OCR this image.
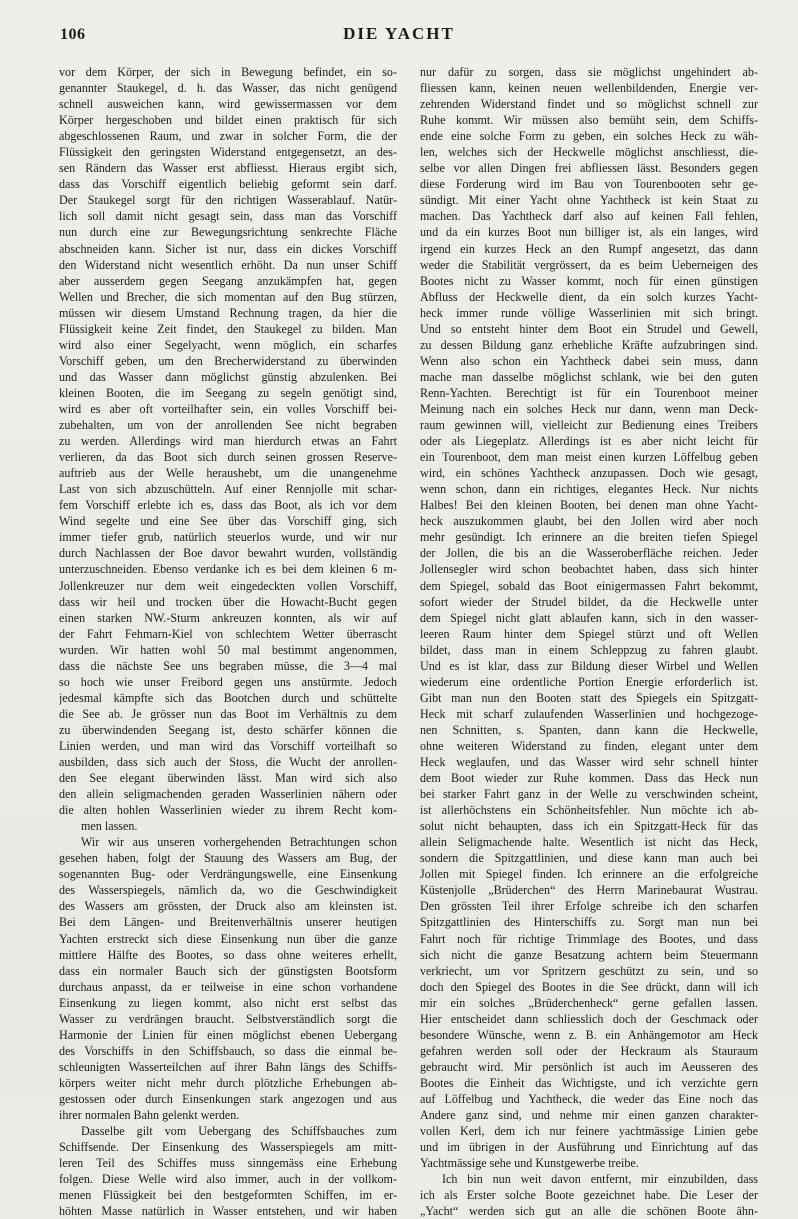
106	DIE YACHT
vor dem Körper, der sich in Bewegung befindet, ein so-
genannter Staukegel, d. h. das Wasser, das nicht genügend
schnell ausweichen kann, wird gewissermassen vor dem
Körper hergeschoben und bildet einen praktisch für sich
abgeschlossenen Raum, und zwar in solcher Form, die der
Flüssigkeit den geringsten Widerstand entgegensetzt, an des-
sen Rändern das Wasser erst abfliesst. Hieraus ergibt sich,
dass das Vorschiff eigentlich beliebig geformt sein darf.
Der Staukegel sorgt für den richtigen Wasserablauf. Natür-
lich soll damit nicht gesagt sein, dass man das Vorschiff
nun durch eine zur Bewegungsrichtung senkrechte Fläche
abschneiden kann. Sicher ist nur, dass ein dickes Vorschiff
den Widerstand nicht wesentlich erhöht. Da nun unser Schiff
aber ausserdem gegen Seegang anzukämpfen hat, gegen
Wellen und Brecher, die sich momentan auf den Bug stürzen,
müssen wir diesem Umstand Rechnung tragen, da hier die
Flüssigkeit keine Zeit findet, den Staukegel zu bilden. Man
wird also einer Segelyacht, wenn möglich, ein scharfes
Vorschiff geben, um den Brecherwiderstand zu überwinden
und das Wasser dann möglichst günstig abzulenken. Bei
kleinen Booten, die im Seegang zu segeln genötigt sind,
wird es aber oft vorteilhafter sein, ein volles Vorschiff bei-
zubehalten, um von der anrollenden See nicht begraben
zu werden. Allerdings wird man hierdurch etwas an Fahrt
verlieren, da das Boot sich durch seinen grossen Reserve-
auftrieb aus der Welle heraushebt, um die unangenehme
Last von sich abzuschütteln. Auf einer Rennjolle mit schar-
fem Vorschiff erlebte ich es, dass das Boot, als ich vor dem
Wind segelte und eine See über das Vorschiff ging, sich
immer tiefer grub, natürlich steuerlos wurde, und wir nur
durch Nachlassen der Boe davor bewahrt wurden, vollständig
unterzuschneiden. Ebenso verdanke ich es bei dem kleinen 6 m-
Jollenkreuzer nur dem weit eingedeckten vollen Vorschiff,
dass wir heil und trocken über die Howacht-Bucht gegen
einen starken NW.-Sturm ankreuzen konnten, als wir auf
der Fahrt Fehmarn-Kiel von schlechtem Wetter überrascht
wurden. Wir hatten wohl 50 mal bestimmt angenommen,
dass die nächste See uns begraben müsse, die 3—4 mal
so hoch wie unser Freibord gegen uns anstürmte. Jedoch
jedesmal kämpfte sich das Bootchen durch und schüttelte
die See ab. Je grösser nun das Boot im Verhältnis zu dem
zu überwindenden Seegang ist, desto schärfer können die
Linien werden, und man wird das Vorschiff vorteilhaft so
ausbilden, dass sich auch der Stoss, die Wucht der anrollen-
den See elegant überwinden lässt. Man wird sich also
den allein seligmachenden geraden Wasserlinien nähern oder
die alten hohlen Wasserlinien wieder zu ihrem Recht kom-
men lassen.
Wir wir aus unseren vorhergehenden Betrachtungen schon
gesehen haben, folgt der Stauung des Wassers am Bug, der
sogenannten Bug- oder Verdrängungswelle, eine Einsenkung
des Wasserspiegels, nämlich da, wo die Geschwindigkeit
des Wassers am grössten, der Druck also am kleinsten ist.
Bei dem Längen- und Breitenverhältnis unserer heutigen
Yachten erstreckt sich diese Einsenkung nun über die ganze
mittlere Hälfte des Bootes, so dass ohne weiteres erhellt,
dass ein normaler Bauch sich der günstigsten Bootsform
durchaus anpasst, da er teilweise in eine schon vorhandene
Einsenkung zu liegen kommt, also nicht erst selbst das
Wasser zu verdrängen braucht. Selbstverständlich sorgt die
Harmonie der Linien für einen möglichst ebenen Uebergang
des Vorschiffs in den Schiffsbauch, so dass die einmal be-
schleunigten Wasserteilchen auf ihrer Bahn längs des Schiffs-
körpers weiter nicht mehr durch plötzliche Erhebungen ab-
gestossen oder durch Einsenkungen stark angezogen und aus
ihrer normalen Bahn gelenkt werden.
Dasselbe gilt vom Uebergang des Schiffsbauches zum
Schiffsende. Der Einsenkung des Wasserspiegels am mitt-
leren Teil des Schiffes muss sinngemäss eine Erhebung
folgen. Diese Welle wird also immer, auch in der vollkom-
menen Flüssigkeit bei den bestgeformten Schiffen, im er-
höhten Masse natürlich in Wasser entstehen, und wir haben
nur dafür zu sorgen, dass sie möglichst ungehindert ab-
fliessen kann, keinen neuen wellenbildenden, Energie ver-
zehrenden Widerstand findet und so möglichst schnell zur
Ruhe kommt. Wir müssen also bemüht sein, dem Schiffs-
ende eine solche Form zu geben, ein solches Heck zu wäh-
len, welches sich der Heckwelle möglichst anschliesst, die-
selbe vor allen Dingen frei abfliessen lässt. Besonders gegen
diese Forderung wird im Bau von Tourenbooten sehr ge-
sündigt. Mit einer Yacht ohne Yachtheck ist kein Staat zu
machen. Das Yachtheck darf also auf keinen Fall fehlen,
und da ein kurzes Boot nun billiger ist, als ein langes, wird
irgend ein kurzes Heck an den Rumpf angesetzt, das dann
weder die Stabilität vergrössert, da es beim Ueberneigen des
Bootes nicht zu Wasser kommt, noch für einen günstigen
Abfluss der Heckwelle dient, da ein solch kurzes Yacht-
heck immer runde völlige Wasserlinien mit sich bringt.
Und so entsteht hinter dem Boot ein Strudel und Gewell,
zu dessen Bildung ganz erhebliche Kräfte aufzubringen sind.
Wenn also schon ein Yachtheck dabei sein muss, dann
mache man dasselbe möglichst schlank, wie bei den guten
Renn-Yachten. Berechtigt ist für ein Tourenboot meiner
Meinung nach ein solches Heck nur dann, wenn man Deck-
raum gewinnen will, vielleicht zur Bedienung eines Treibers
oder als Liegeplatz. Allerdings ist es aber nicht leicht für
ein Tourenboot, dem man meist einen kurzen Löffelbug geben
wird, ein schönes Yachtheck anzupassen. Doch wie gesagt,
wenn schon, dann ein richtiges, elegantes Heck. Nur nichts
Halbes! Bei den kleinen Booten, bei denen man ohne Yacht-
heck auszukommen glaubt, bei den Jollen wird aber noch
mehr gesündigt. Ich erinnere an die breiten tiefen Spiegel
der Jollen, die bis an die Wasseroberfläche reichen. Jeder
Jollensegler wird schon beobachtet haben, dass sich hinter
dem Spiegel, sobald das Boot einigermassen Fahrt bekommt,
sofort wieder der Strudel bildet, da die Heckwelle unter
dem Spiegel nicht glatt ablaufen kann, sich in den wasser-
leeren Raum hinter dem Spiegel stürzt und oft Wellen
bildet, dass man in einem Schleppzug zu fahren glaubt.
Und es ist klar, dass zur Bildung dieser Wirbel und Wellen
wiederum eine ordentliche Portion Energie erforderlich ist.
Gibt man nun den Booten statt des Spiegels ein Spitzgatt-
Heck mit scharf zulaufenden Wasserlinien und hochgezoge-
nen Schnitten, s. Spanten, dann kann die Heckwelle,
ohne weiteren Widerstand zu finden, elegant unter dem
Heck weglaufen, und das Wasser wird sehr schnell hinter
dem Boot wieder zur Ruhe kommen. Dass das Heck nun
bei starker Fahrt ganz in der Welle zu verschwinden scheint,
ist allerhöchstens ein Schönheitsfehler. Nun möchte ich ab-
solut nicht behaupten, dass ich ein Spitzgatt-Heck für das
allein Seligmachende halte. Wesentlich ist nicht das Heck,
sondern die Spitzgattlinien, und diese kann man auch bei
Jollen mit Spiegel finden. Ich erinnere an die erfolgreiche
Küstenjolle „Brüderchen“ des Herrn Marinebaurat Wustrau.
Den grössten Teil ihrer Erfolge schreibe ich den scharfen
Spitzgattlinien des Hinterschiffs zu. Sorgt man nun bei
Fahrt noch für richtige Trimmlage des Bootes, und dass
sich nicht die ganze Besatzung achtern beim Steuermann
verkriecht, um vor Spritzern geschützt zu sein, und so
doch den Spiegel des Bootes in die See drückt, dann will ich
mir ein solches „Brüderchenheck“ gerne gefallen lassen.
Hier entscheidet dann schliesslich doch der Geschmack oder
besondere Wünsche, wenn z. B. ein Anhängemotor am Heck
gefahren werden soll oder der Heckraum als Stauraum
gebraucht wird. Mir persönlich ist auch im Aeusseren des
Bootes die Einheit das Wichtigste, und ich verzichte gern
auf Löffelbug und Yachtheck, die weder das Eine noch das
Andere ganz sind, und nehme mir einen ganzen charakter-
vollen Kerl, dem ich nur feinere yachtmässige Linien gebe
und im übrigen in der Ausführung und Einrichtung auf das
Yachtmässige sehe und Kunstgewerbe treibe.
Ich bin nun weit davon entfernt, mir einzubilden, dass
ich als Erster solche Boote gezeichnet habe. Die Leser der
„Yacht“ werden sich gut an alle die schönen Boote ähn-
